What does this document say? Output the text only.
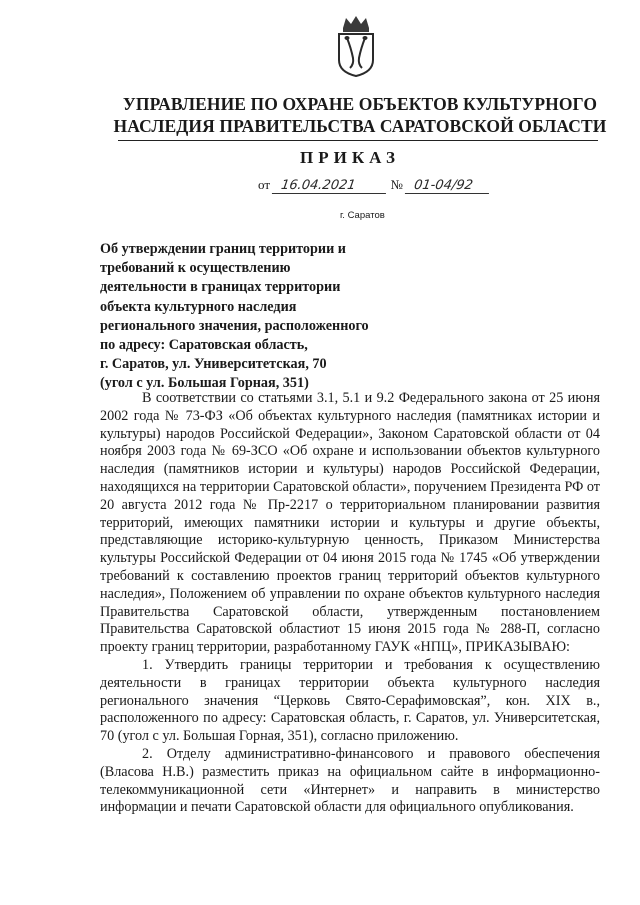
УПРАВЛЕНИЕ ПО ОХРАНЕ ОБЪЕКТОВ КУЛЬТУРНОГО
НАСЛЕДИЯ ПРАВИТЕЛЬСТВА САРАТОВСКОЙ ОБЛАСТИ
ПРИКАЗ
от 16.04.2021	№ 01-04/92
г. Саратов
Об утверждении границ территории и
требований к осуществлению
деятельности в границах территории
объекта культурного наследия
регионального значения, расположенного
по адресу: Саратовская область,
г. Саратов, ул. Университетская, 70
(угол с ул. Большая Горная, 351)

В соответствии со статьями 3.1, 5.1 и 9.2 Федерального закона от 25 июня 2002 года № 73-ФЗ «Об объектах культурного наследия (памятниках истории и культуры) народов Российской Федерации», Законом Саратовской области от 04 ноября 2003 года № 69-ЗСО «Об охране и использовании объектов культурного наследия (памятников истории и культуры) народов Российской Федерации, находящихся на территории Саратовской области», поручением Президента РФ от 20 августа 2012 года № Пр-2217 о территориальном планировании развития территорий, имеющих памятники истории и культуры и другие объекты, представляющие историко-культурную ценность, Приказом Министерства культуры Российской Федерации от 04 июня 2015 года № 1745 «Об утверждении требований к составлению проектов границ территорий объектов культурного наследия», Положением об управлении по охране объектов культурного наследия Правительства Саратовской области, утвержденным постановлением Правительства Саратовской областиот 15 июня 2015 года № 288-П, согласно проекту границ территории, разработанному ГАУК «НПЦ», ПРИКАЗЫВАЮ:

1. Утвердить границы территории и требования к осуществлению деятельности в границах территории объекта культурного наследия регионального значения “Церковь Свято-Серафимовская”, кон. XIX в., расположенного по адресу: Саратовская область, г. Саратов, ул. Университетская, 70 (угол с ул. Большая Горная, 351), согласно приложению.

2. Отделу административно-финансового и правового обеспечения (Власова Н.В.) разместить приказ на официальном сайте в информационно-телекоммуникационной сети «Интернет» и направить в министерство информации и печати Саратовской области для официального опубликования.
